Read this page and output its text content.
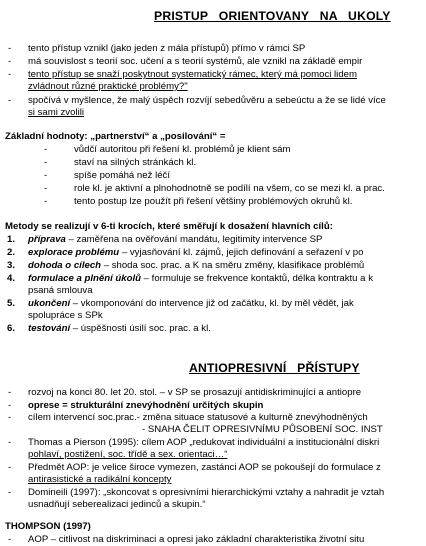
PRISTUP   ORIENTOVANY   NA   UKOLY
- tento přístup vznikl (jako jeden z mála přístupů) přímo v rámci SP
- má souvislost s teorií soc. učení a s teorií systémů, ale vznikl na základě empir
- tento přístup se snaží poskytnout systematický rámec, který má pomoci lidem
zvládnout různé praktické problémy?"
- spočívá v myšlence, že malý úspěch rozvíjí sebedůvěru a sebeúctu a že se lidé více
si sami zvolili
Základní hodnoty: „partnerství“ a „posilování“ =
-	vůdčí autoritou při řešení kl. problémů je klient sám
-	staví na silných stránkách kl.
-	spíše pomáhá než léčí
-	role kl. je aktivní a plnohodnotně se podílí na všem, co se mezi kl. a prac.
-	tento postup lze použít při řešení většiny problémových okruhů kl.
Metody se realizují v 6-ti krocích, které směřují k dosažení hlavních cílů:
1. příprava – zaměřena na ověřování mandátu, legitimity intervence SP
2. explorace problému – vyjasňování kl. zájmů, jejich definování a seřazení v po
3. dohoda o cílech – shoda soc. prac. a K na směru změny, klasifikace problémů
4. formulace a plnění úkolů – formuluje se frekvence kontaktů, délka kontraktu a k
psaná smlouva
5. ukončení – vkomponování do intervence již od začátku, kl. by měl vědět, jak
spolupráce s SPk
6. testování – úspěšnosti úsilí soc. prac. a kl.
ANTIOPRESIVNÍ   PŘÍSTUPY
- rozvoj na konci 80. let 20. stol. – v SP se prosazují antidiskriminující a antiopre
- oprese = strukturální znevýhodnění určitých skupin
- cílem intervencí soc.prac.- změna situace statusové a kulturně znevýhodněných
- SNAHA ČELIT OPRESIVNÍMU PŮSOBENÍ SOC. INST
- Thomas a Pierson (1995): cílem AOP „redukovat individuální a institucionální diskri
pohlaví, postižení, soc. třídě a sex. orientaci…“
- Předmět AOP: je velice široce vymezen, zastánci AOP se pokoušejí do formulace z
antirasistické a radikální koncepty
- Domineili (1997): „skoncovat s opresivními hierarchickými vztahy a nahradit je vztah
usnadňují seberealizaci jedinců a skupin.“
THOMPSON (1997)
- AOP – citlivost na diskriminaci a opresi jako základní charakteristika životní situ
